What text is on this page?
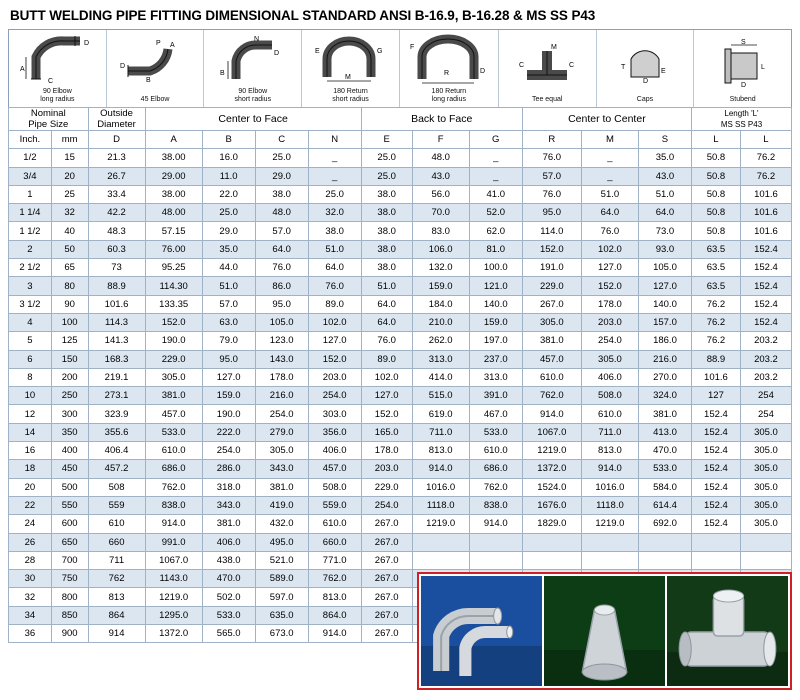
BUTT WELDING PIPE FITTING DIMENSIONAL STANDARD ANSI B-16.9, B-16.28 & MS SS P43
A
C
D
90 Elbow
long radius
D
B
A
P
45 Elbow
B
N
D
90 Elbow
short radius
M
E	G
180 Return
short radius
R
F
D
180 Return
long radius
C	C
M
Tee equal
T
D
E
Caps
S
D
L
Stubend
Nominal
Pipe Size

Outside
Diameter	Center to Face	Back to Face	Center to Center	Length 'L'
MS SS P43

Inch.	mm	D	A	B	C	N	E	F	G	R	M	S	L	L
1/2	15	21.3	38.00	16.0	25.0	_	25.0	48.0	_	76.0	_	35.0	50.8	76.2
3/4	20	26.7	29.00	11.0	29.0	_	25.0	43.0	_	57.0	_	43.0	50.8	76.2
1	25	33.4	38.00	22.0	38.0	25.0	38.0	56.0	41.0	76.0	51.0	51.0	50.8	101.6
1 1/4	32	42.2	48.00	25.0	48.0	32.0	38.0	70.0	52.0	95.0	64.0	64.0	50.8	101.6
1 1/2	40	48.3	57.15	29.0	57.0	38.0	38.0	83.0	62.0	114.0	76.0	73.0	50.8	101.6
2	50	60.3	76.00	35.0	64.0	51.0	38.0	106.0	81.0	152.0	102.0	93.0	63.5	152.4
2 1/2	65	73	95.25	44.0	76.0	64.0	38.0	132.0	100.0	191.0	127.0	105.0	63.5	152.4
3	80	88.9	114.30	51.0	86.0	76.0	51.0	159.0	121.0	229.0	152.0	127.0	63.5	152.4
3 1/2	90	101.6	133.35	57.0	95.0	89.0	64.0	184.0	140.0	267.0	178.0	140.0	76.2	152.4
4	100	114.3	152.0	63.0	105.0	102.0	64.0	210.0	159.0	305.0	203.0	157.0	76.2	152.4
5	125	141.3	190.0	79.0	123.0	127.0	76.0	262.0	197.0	381.0	254.0	186.0	76.2	203.2
6	150	168.3	229.0	95.0	143.0	152.0	89.0	313.0	237.0	457.0	305.0	216.0	88.9	203.2
8	200	219.1	305.0	127.0	178.0	203.0	102.0	414.0	313.0	610.0	406.0	270.0	101.6	203.2
10	250	273.1	381.0	159.0	216.0	254.0	127.0	515.0	391.0	762.0	508.0	324.0	127	254
12	300	323.9	457.0	190.0	254.0	303.0	152.0	619.0	467.0	914.0	610.0	381.0	152.4	254
14	350	355.6	533.0	222.0	279.0	356.0	165.0	711.0	533.0	1067.0	711.0	413.0	152.4	305.0
16	400	406.4	610.0	254.0	305.0	406.0	178.0	813.0	610.0	1219.0	813.0	470.0	152.4	305.0
18	450	457.2	686.0	286.0	343.0	457.0	203.0	914.0	686.0	1372.0	914.0	533.0	152.4	305.0
20	500	508	762.0	318.0	381.0	508.0	229.0	1016.0	762.0	1524.0	1016.0	584.0	152.4	305.0
22	550	559	838.0	343.0	419.0	559.0	254.0	1118.0	838.0	1676.0	1118.0	614.4	152.4	305.0
24	600	610	914.0	381.0	432.0	610.0	267.0	1219.0	914.0	1829.0	1219.0	692.0	152.4	305.0
26	650	660	991.0	406.0	495.0	660.0	267.0							
28	700	711	1067.0	438.0	521.0	771.0	267.0							
30	750	762	1143.0	470.0	589.0	762.0	267.0							
32	800	813	1219.0	502.0	597.0	813.0	267.0							
34	850	864	1295.0	533.0	635.0	864.0	267.0							
36	900	914	1372.0	565.0	673.0	914.0	267.0							
